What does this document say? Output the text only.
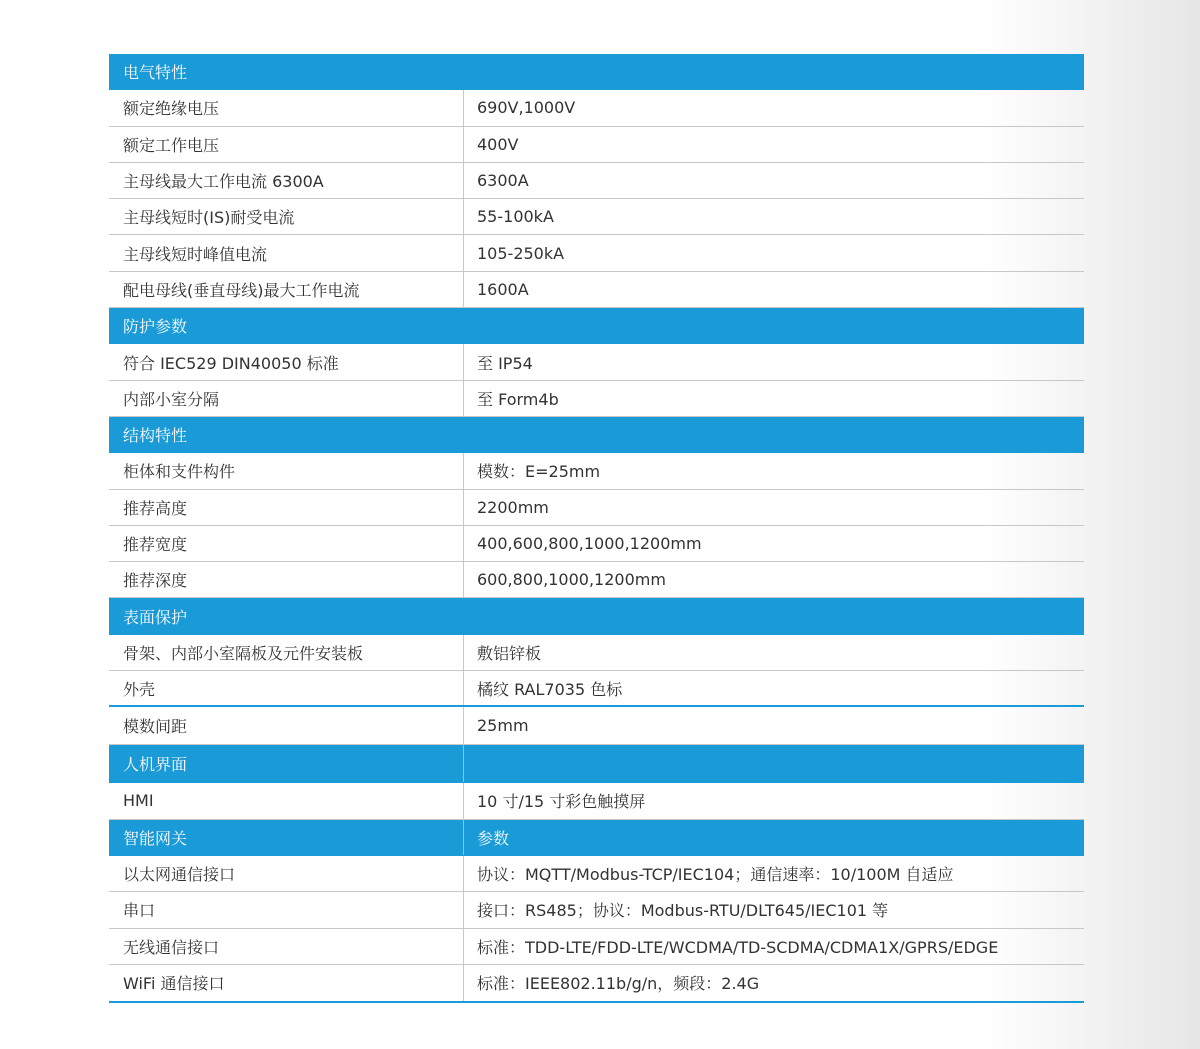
电气特性
额定绝缘电压	690V,1000V
额定工作电压	400V
主母线最大工作电流 6300A	6300A
主母线短时(IS)耐受电流	55-100kA
主母线短时峰值电流	105-250kA
配电母线(垂直母线)最大工作电流	1600A
防护参数
符合 IEC529 DIN40050 标准	至 IP54
内部小室分隔	至 Form4b
结构特性
柜体和支件构件	模数：E=25mm
推荐高度	2200mm
推荐宽度	400,600,800,1000,1200mm
推荐深度	600,800,1000,1200mm
表面保护
骨架、内部小室隔板及元件安装板	敷铝锌板
外壳	橘纹 RAL7035 色标
模数间距	25mm
人机界面
HMI	10 寸/15 寸彩色触摸屏
智能网关	参数
以太网通信接口	协议：MQTT/Modbus-TCP/IEC104；通信速率：10/100M 自适应
串口	接口：RS485；协议：Modbus-RTU/DLT645/IEC101 等
无线通信接口	标准：TDD-LTE/FDD-LTE/WCDMA/TD-SCDMA/CDMA1X/GPRS/EDGE
WiFi 通信接口	标准：IEEE802.11b/g/n，频段：2.4G
